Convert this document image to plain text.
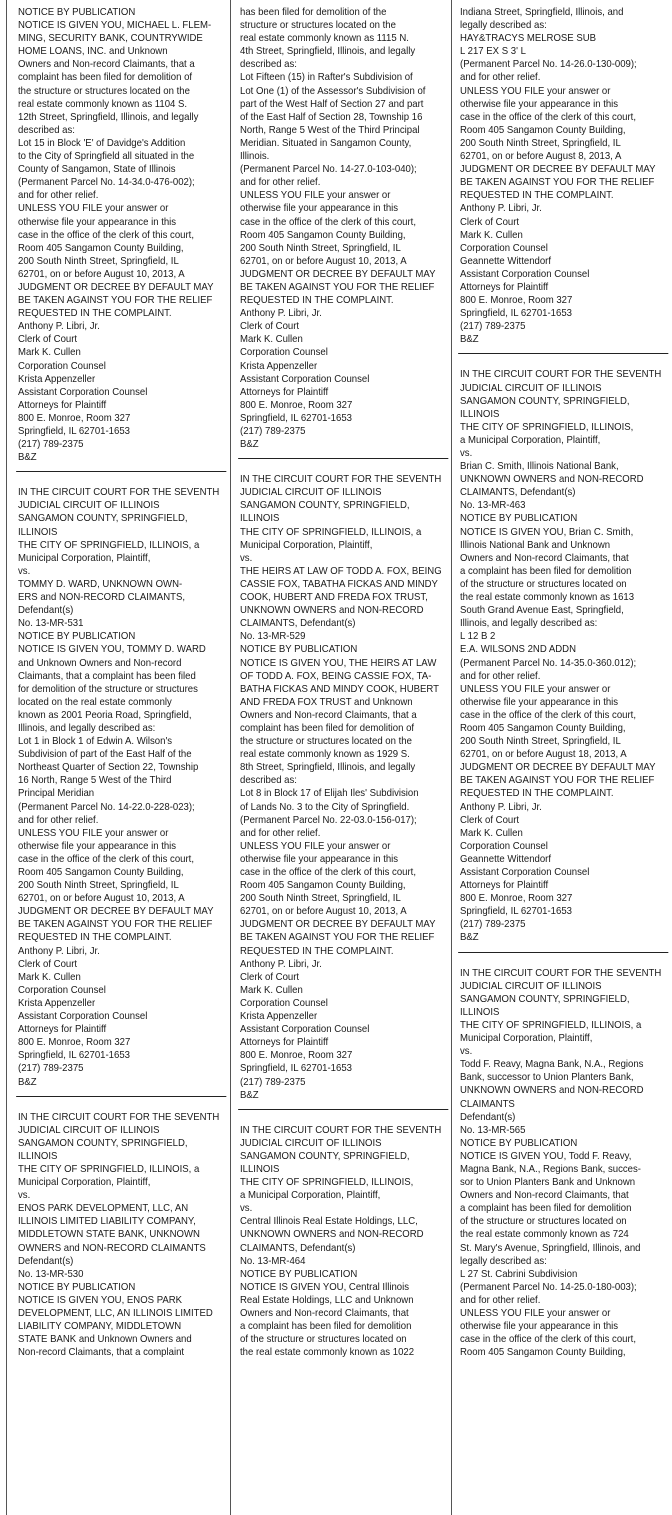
NOTICE BY PUBLICATION
NOTICE IS GIVEN YOU, MICHAEL L. FLEM-
MING, SECURITY BANK, COUNTRYWIDE
HOME LOANS, INC. and Unknown
Owners and Non-record Claimants, that a
complaint has been filed for demolition of
the structure or structures located on the
real estate commonly known as 1104 S.
12th Street, Springfield, Illinois, and legally
described as:
Lot 15 in Block 'E' of Davidge's Addition
to the City of Springfield all situated in the
County of Sangamon, State of Illinois
(Permanent Parcel No. 14-34.0-476-002);
and for other relief.
UNLESS YOU FILE your answer or
otherwise file your appearance in this
case in the office of the clerk of this court,
Room 405 Sangamon County Building,
200 South Ninth Street, Springfield, IL
62701, on or before August 10, 2013, A
JUDGMENT OR DECREE BY DEFAULT MAY
BE TAKEN AGAINST YOU FOR THE RELIEF
REQUESTED IN THE COMPLAINT.
Anthony P. Libri, Jr.
Clerk of Court
Mark K. Cullen
Corporation Counsel
Krista Appenzeller
Assistant Corporation Counsel
Attorneys for Plaintiff
800 E. Monroe, Room 327
Springfield, IL 62701-1653
(217) 789-2375
B&Z
IN THE CIRCUIT COURT FOR THE SEVENTH
JUDICIAL CIRCUIT OF ILLINOIS
SANGAMON COUNTY, SPRINGFIELD,
ILLINOIS
THE CITY OF SPRINGFIELD, ILLINOIS, a
Municipal Corporation, Plaintiff,
vs.
TOMMY D. WARD, UNKNOWN OWN-
ERS and NON-RECORD CLAIMANTS,
Defendant(s)
No. 13-MR-531
NOTICE BY PUBLICATION
NOTICE IS GIVEN YOU, TOMMY D. WARD
and Unknown Owners and Non-record
Claimants, that a complaint has been filed
for demolition of the structure or structures
located on the real estate commonly
known as 2001 Peoria Road, Springfield,
Illinois, and legally described as:
Lot 1 in Block 1 of Edwin A. Wilson's
Subdivision of part of the East Half of the
Northeast Quarter of Section 22, Township
16 North, Range 5 West of the Third
Principal Meridian
(Permanent Parcel No. 14-22.0-228-023);
and for other relief.
UNLESS YOU FILE your answer or
otherwise file your appearance in this
case in the office of the clerk of this court,
Room 405 Sangamon County Building,
200 South Ninth Street, Springfield, IL
62701, on or before August 10, 2013, A
JUDGMENT OR DECREE BY DEFAULT MAY
BE TAKEN AGAINST YOU FOR THE RELIEF
REQUESTED IN THE COMPLAINT.
Anthony P. Libri, Jr.
Clerk of Court
Mark K. Cullen
Corporation Counsel
Krista Appenzeller
Assistant Corporation Counsel
Attorneys for Plaintiff
800 E. Monroe, Room 327
Springfield, IL 62701-1653
(217) 789-2375
B&Z
IN THE CIRCUIT COURT FOR THE SEVENTH
JUDICIAL CIRCUIT OF ILLINOIS
SANGAMON COUNTY, SPRINGFIELD,
ILLINOIS
THE CITY OF SPRINGFIELD, ILLINOIS, a
Municipal Corporation, Plaintiff,
vs.
ENOS PARK DEVELOPMENT, LLC, AN
ILLINOIS LIMITED LIABILITY COMPANY,
MIDDLETOWN STATE BANK, UNKNOWN
OWNERS and NON-RECORD CLAIMANTS
Defendant(s)
No. 13-MR-530
NOTICE BY PUBLICATION
NOTICE IS GIVEN YOU, ENOS PARK
DEVELOPMENT, LLC, AN ILLINOIS LIMITED
LIABILITY COMPANY, MIDDLETOWN
STATE BANK and Unknown Owners and
Non-record Claimants, that a complaint
has been filed for demolition of the
structure or structures located on the
real estate commonly known as 1115 N.
4th Street, Springfield, Illinois, and legally
described as:
Lot Fifteen (15) in Rafter's Subdivision of
Lot One (1) of the Assessor's Subdivision of
part of the West Half of Section 27 and part
of the East Half of Section 28, Township 16
North, Range 5 West of the Third Principal
Meridian. Situated in Sangamon County,
Illinois.
(Permanent Parcel No. 14-27.0-103-040);
and for other relief.
UNLESS YOU FILE your answer or
otherwise file your appearance in this
case in the office of the clerk of this court,
Room 405 Sangamon County Building,
200 South Ninth Street, Springfield, IL
62701, on or before August 10, 2013, A
JUDGMENT OR DECREE BY DEFAULT MAY
BE TAKEN AGAINST YOU FOR THE RELIEF
REQUESTED IN THE COMPLAINT.
Anthony P. Libri, Jr.
Clerk of Court
Mark K. Cullen
Corporation Counsel
Krista Appenzeller
Assistant Corporation Counsel
Attorneys for Plaintiff
800 E. Monroe, Room 327
Springfield, IL 62701-1653
(217) 789-2375
B&Z
IN THE CIRCUIT COURT FOR THE SEVENTH
JUDICIAL CIRCUIT OF ILLINOIS
SANGAMON COUNTY, SPRINGFIELD,
ILLINOIS
THE CITY OF SPRINGFIELD, ILLINOIS, a
Municipal Corporation, Plaintiff,
vs.
THE HEIRS AT LAW OF TODD A. FOX, BEING
CASSIE FOX, TABATHA FICKAS AND MINDY
COOK, HUBERT AND FREDA FOX TRUST,
UNKNOWN OWNERS and NON-RECORD
CLAIMANTS, Defendant(s)
No. 13-MR-529
NOTICE BY PUBLICATION
NOTICE IS GIVEN YOU, THE HEIRS AT LAW
OF TODD A. FOX, BEING CASSIE FOX, TA-
BATHA FICKAS AND MINDY COOK, HUBERT
AND FREDA FOX TRUST and Unknown
Owners and Non-record Claimants, that a
complaint has been filed for demolition of
the structure or structures located on the
real estate commonly known as 1929 S.
8th Street, Springfield, Illinois, and legally
described as:
Lot 8 in Block 17 of Elijah Iles' Subdivision
of Lands No. 3 to the City of Springfield.
(Permanent Parcel No. 22-03.0-156-017);
and for other relief.
UNLESS YOU FILE your answer or
otherwise file your appearance in this
case in the office of the clerk of this court,
Room 405 Sangamon County Building,
200 South Ninth Street, Springfield, IL
62701, on or before August 10, 2013, A
JUDGMENT OR DECREE BY DEFAULT MAY
BE TAKEN AGAINST YOU FOR THE RELIEF
REQUESTED IN THE COMPLAINT.
Anthony P. Libri, Jr.
Clerk of Court
Mark K. Cullen
Corporation Counsel
Krista Appenzeller
Assistant Corporation Counsel
Attorneys for Plaintiff
800 E. Monroe, Room 327
Springfield, IL 62701-1653
(217) 789-2375
B&Z
IN THE CIRCUIT COURT FOR THE SEVENTH
JUDICIAL CIRCUIT OF ILLINOIS
SANGAMON COUNTY, SPRINGFIELD,
ILLINOIS
THE CITY OF SPRINGFIELD, ILLINOIS,
a Municipal Corporation, Plaintiff,
vs.
Central Illinois Real Estate Holdings, LLC,
UNKNOWN OWNERS and NON-RECORD
CLAIMANTS, Defendant(s)
No. 13-MR-464
NOTICE BY PUBLICATION
NOTICE IS GIVEN YOU, Central Illinois
Real Estate Holdings, LLC and Unknown
Owners and Non-record Claimants, that
a complaint has been filed for demolition
of the structure or structures located on
the real estate commonly known as 1022
Indiana Street, Springfield, Illinois, and
legally described as:
HAY&TRACYS MELROSE SUB
L 217 EX S 3' L
(Permanent Parcel No. 14-26.0-130-009);
and for other relief.
UNLESS YOU FILE your answer or
otherwise file your appearance in this
case in the office of the clerk of this court,
Room 405 Sangamon County Building,
200 South Ninth Street, Springfield, IL
62701, on or before August 8, 2013, A
JUDGMENT OR DECREE BY DEFAULT MAY
BE TAKEN AGAINST YOU FOR THE RELIEF
REQUESTED IN THE COMPLAINT.
Anthony P. Libri, Jr.
Clerk of Court
Mark K. Cullen
Corporation Counsel
Geannette Wittendorf
Assistant Corporation Counsel
Attorneys for Plaintiff
800 E. Monroe, Room 327
Springfield, IL 62701-1653
(217) 789-2375
B&Z
IN THE CIRCUIT COURT FOR THE SEVENTH
JUDICIAL CIRCUIT OF ILLINOIS
SANGAMON COUNTY, SPRINGFIELD,
ILLINOIS
THE CITY OF SPRINGFIELD, ILLINOIS,
a Municipal Corporation, Plaintiff,
vs.
Brian C. Smith, Illinois National Bank,
UNKNOWN OWNERS and NON-RECORD
CLAIMANTS, Defendant(s)
No. 13-MR-463
NOTICE BY PUBLICATION
NOTICE IS GIVEN YOU, Brian C. Smith,
Illinois National Bank and Unknown
Owners and Non-record Claimants, that
a complaint has been filed for demolition
of the structure or structures located on
the real estate commonly known as 1613
South Grand Avenue East, Springfield,
Illinois, and legally described as:
L 12 B 2
E.A. WILSONS 2ND ADDN
(Permanent Parcel No. 14-35.0-360.012);
and for other relief.
UNLESS YOU FILE your answer or
otherwise file your appearance in this
case in the office of the clerk of this court,
Room 405 Sangamon County Building,
200 South Ninth Street, Springfield, IL
62701, on or before August 18, 2013, A
JUDGMENT OR DECREE BY DEFAULT MAY
BE TAKEN AGAINST YOU FOR THE RELIEF
REQUESTED IN THE COMPLAINT.
Anthony P. Libri, Jr.
Clerk of Court
Mark K. Cullen
Corporation Counsel
Geannette Wittendorf
Assistant Corporation Counsel
Attorneys for Plaintiff
800 E. Monroe, Room 327
Springfield, IL 62701-1653
(217) 789-2375
B&Z
IN THE CIRCUIT COURT FOR THE SEVENTH
JUDICIAL CIRCUIT OF ILLINOIS
SANGAMON COUNTY, SPRINGFIELD,
ILLINOIS
THE CITY OF SPRINGFIELD, ILLINOIS, a
Municipal Corporation, Plaintiff,
vs.
Todd F. Reavy, Magna Bank, N.A., Regions
Bank, successor to Union Planters Bank,
UNKNOWN OWNERS and NON-RECORD
CLAIMANTS
Defendant(s)
No. 13-MR-565
NOTICE BY PUBLICATION
NOTICE IS GIVEN YOU, Todd F. Reavy,
Magna Bank, N.A., Regions Bank, succes-
sor to Union Planters Bank and Unknown
Owners and Non-record Claimants, that
a complaint has been filed for demolition
of the structure or structures located on
the real estate commonly known as 724
St. Mary's Avenue, Springfield, Illinois, and
legally described as:
L 27 St. Cabrini Subdivision
(Permanent Parcel No. 14-25.0-180-003);
and for other relief.
UNLESS YOU FILE your answer or
otherwise file your appearance in this
case in the office of the clerk of this court,
Room 405 Sangamon County Building,
